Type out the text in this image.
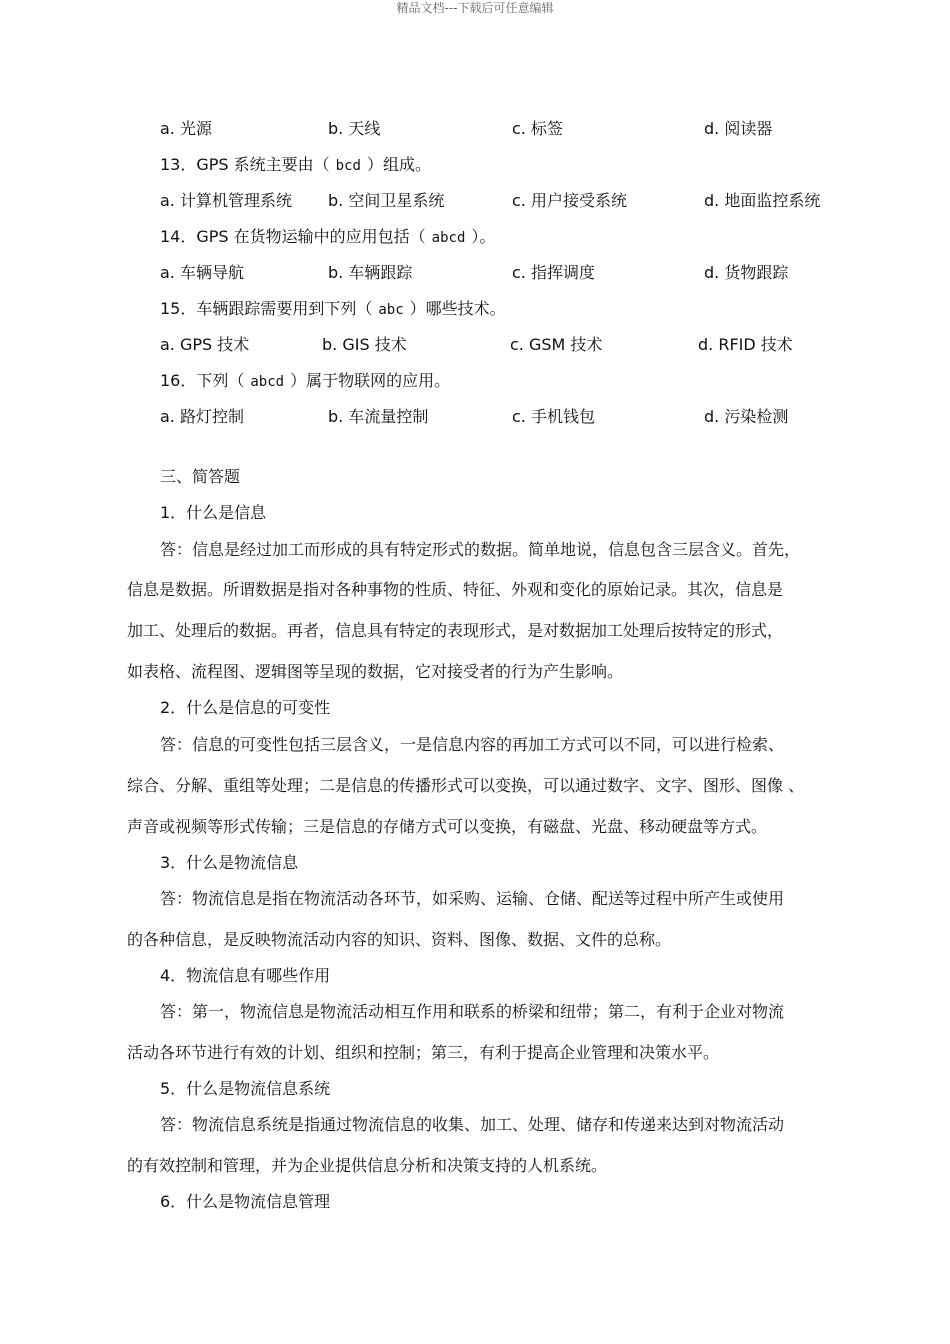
精品文档---下载后可任意编辑
a. 光源	b. 天线	c. 标签	d. 阅读器
13．GPS 系统主要由（ bcd ）组成。
a. 计算机管理系统 b. 空间卫星系统	c. 用户接受系统	d. 地面监控系统
14．GPS 在货物运输中的应用包括（ abcd ）。
a. 车辆导航	b. 车辆跟踪	c. 指挥调度	d. 货物跟踪
15．车辆跟踪需要用到下列（ abc ）哪些技术。
a. GPS 技术	b. GIS 技术	c. GSM 技术	d. RFID 技术
16．下列（ abcd ）属于物联网的应用。
a. 路灯控制	b. 车流量控制	c. 手机钱包	d. 污染检测
三、简答题
1．什么是信息
答：信息是经过加工而形成的具有特定形式的数据。简单地说，信息包含三层含义。首先，
信息是数据。所谓数据是指对各种事物的性质、特征、外观和变化的原始记录。其次，信息是
加工、处理后的数据。再者，信息具有特定的表现形式，是对数据加工处理后按特定的形式，
如表格、流程图、逻辑图等呈现的数据，它对接受者的行为产生影响。
2．什么是信息的可变性
答：信息的可变性包括三层含义，一是信息内容的再加工方式可以不同，可以进行检索、
综合、分解、重组等处理；二是信息的传播形式可以变换，可以通过数字、文字、图形、图像 、
声音或视频等形式传输；三是信息的存储方式可以变换，有磁盘、光盘、移动硬盘等方式。
3．什么是物流信息
答：物流信息是指在物流活动各环节，如采购、运输、仓储、配送等过程中所产生或使用
的各种信息，是反映物流活动内容的知识、资料、图像、数据、文件的总称。
4．物流信息有哪些作用
答：第一，物流信息是物流活动相互作用和联系的桥梁和纽带；第二，有利于企业对物流
活动各环节进行有效的计划、组织和控制；第三，有利于提高企业管理和决策水平。
5．什么是物流信息系统
答：物流信息系统是指通过物流信息的收集、加工、处理、储存和传递来达到对物流活动
的有效控制和管理，并为企业提供信息分析和决策支持的人机系统。
6．什么是物流信息管理
